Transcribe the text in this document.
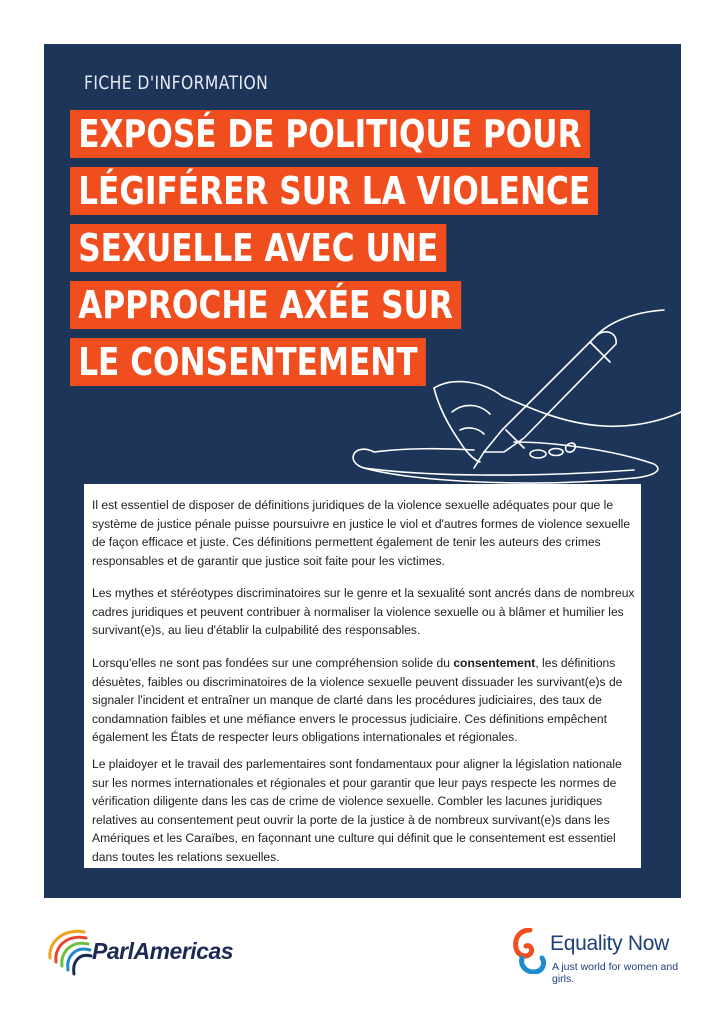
FICHE D'INFORMATION
EXPOSÉ DE POLITIQUE POUR
LÉGIFÉRER SUR LA VIOLENCE
SEXUELLE AVEC UNE
APPROCHE AXÉE SUR
LE CONSENTEMENT

Il est essentiel de disposer de définitions juridiques de la violence sexuelle adéquates pour que le système de justice pénale puisse poursuivre en justice le viol et d'autres formes de violence sexuelle de façon efficace et juste. Ces définitions permettent également de tenir les auteurs des crimes responsables et de garantir que justice soit faite pour les victimes.

Les mythes et stéréotypes discriminatoires sur le genre et la sexualité sont ancrés dans de nombreux cadres juridiques et peuvent contribuer à normaliser la violence sexuelle ou à blâmer et humilier les survivant(e)s, au lieu d'établir la culpabilité des responsables.

Lorsqu'elles ne sont pas fondées sur une compréhension solide du consentement, les définitions désuètes, faibles ou discriminatoires de la violence sexuelle peuvent dissuader les survivant(e)s de signaler l'incident et entraîner un manque de clarté dans les procédures judiciaires, des taux de condamnation faibles et une méfiance envers le processus judiciaire. Ces définitions empêchent également les États de respecter leurs obligations internationales et régionales.

Le plaidoyer et le travail des parlementaires sont fondamentaux pour aligner la législation nationale sur les normes internationales et régionales et pour garantir que leur pays respecte les normes de vérification diligente dans les cas de crime de violence sexuelle. Combler les lacunes juridiques relatives au consentement peut ouvrir la porte de la justice à de nombreux survivant(e)s dans les Amériques et les Caraïbes, en façonnant une culture qui définit que le consentement est essentiel dans toutes les relations sexuelles.

ParlAmericas	Equality Now
A just world for women and girls.
